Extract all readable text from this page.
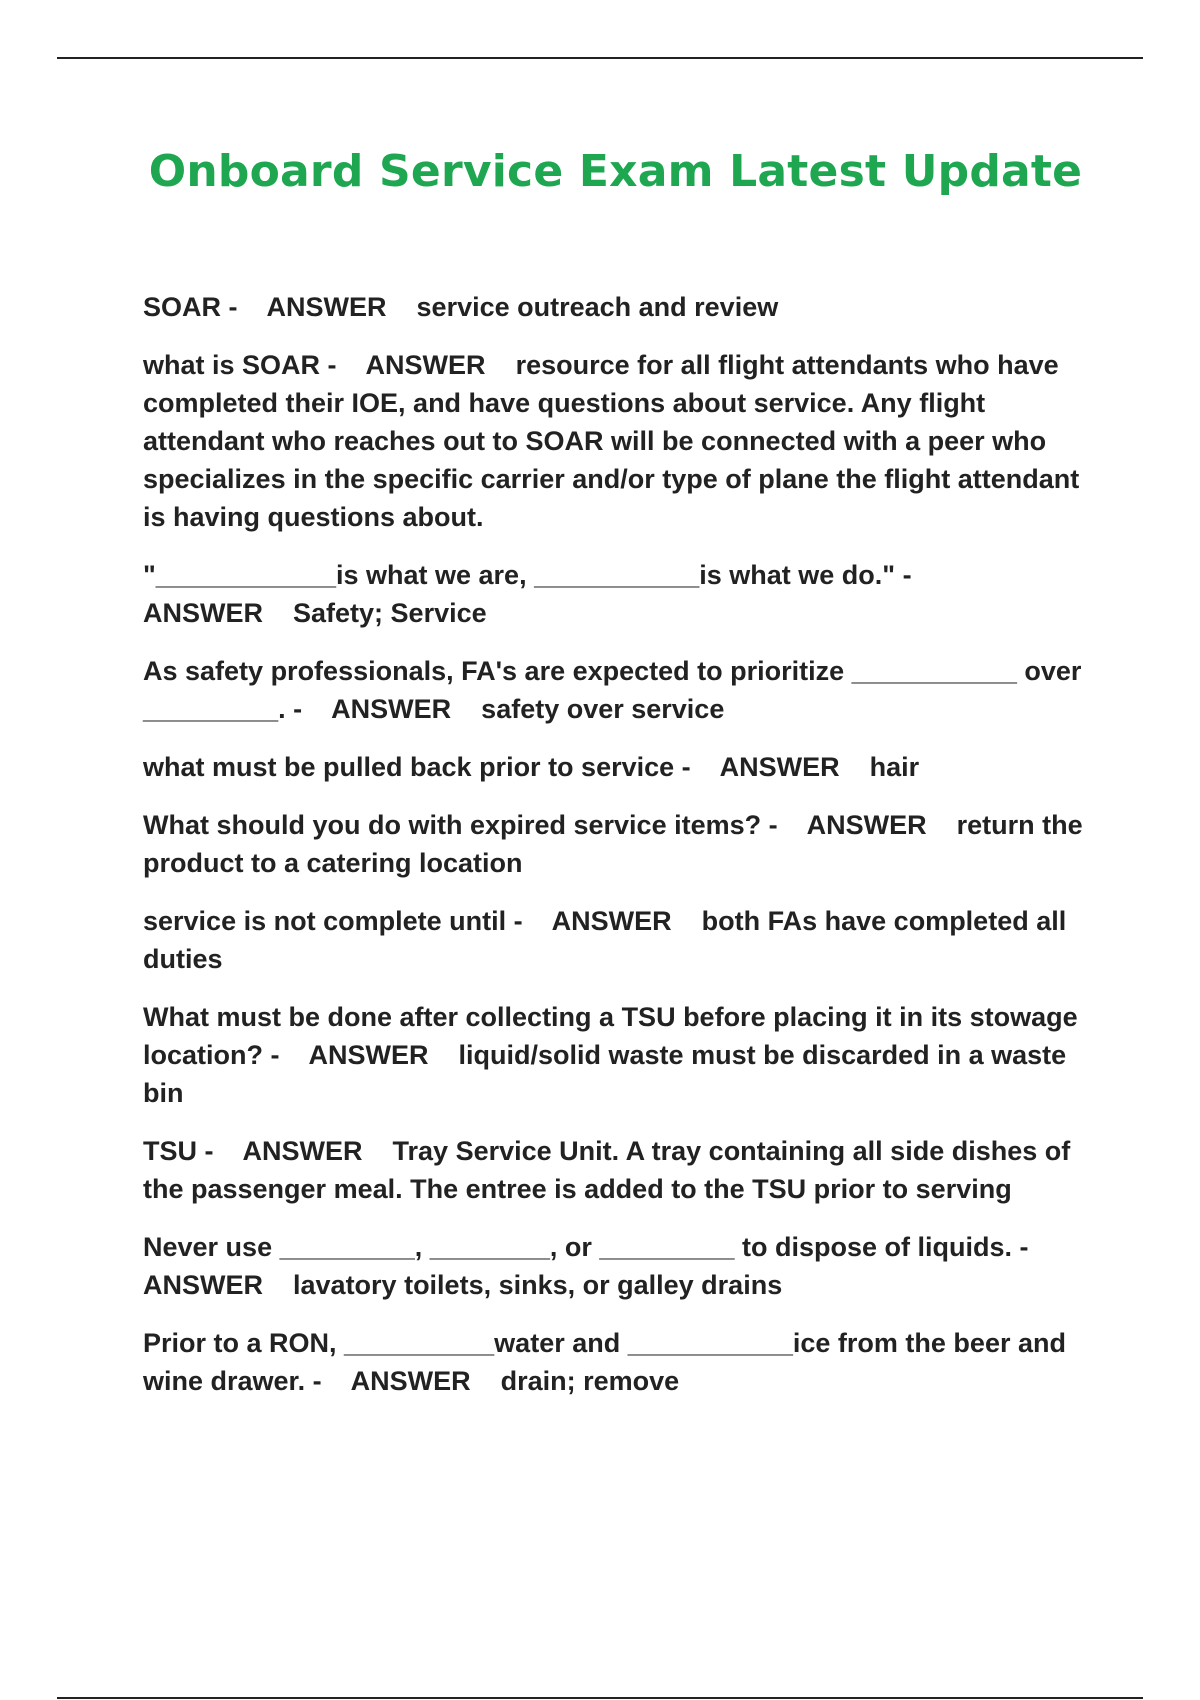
Onboard Service Exam Latest Update

SOAR - ANSWER service outreach and review

what is SOAR - ANSWER resource for all flight attendants who have completed their IOE, and have questions about service. Any flight attendant who reaches out to SOAR will be connected with a peer who specializes in the specific carrier and/or type of plane the flight attendant is having questions about.

"____________is what we are, ___________is what we do." -
ANSWER Safety; Service

As safety professionals, FA's are expected to prioritize ___________ over _________. - ANSWER safety over service

what must be pulled back prior to service - ANSWER hair

What should you do with expired service items? - ANSWER return the product to a catering location

service is not complete until - ANSWER both FAs have completed all duties

What must be done after collecting a TSU before placing it in its stowage location? - ANSWER liquid/solid waste must be discarded in a waste bin

TSU - ANSWER Tray Service Unit. A tray containing all side dishes of the passenger meal. The entree is added to the TSU prior to serving

Never use _________, ________, or _________ to dispose of liquids. -
ANSWER lavatory toilets, sinks, or galley drains

Prior to a RON, __________water and ___________ice from the beer and wine drawer. - ANSWER drain; remove
